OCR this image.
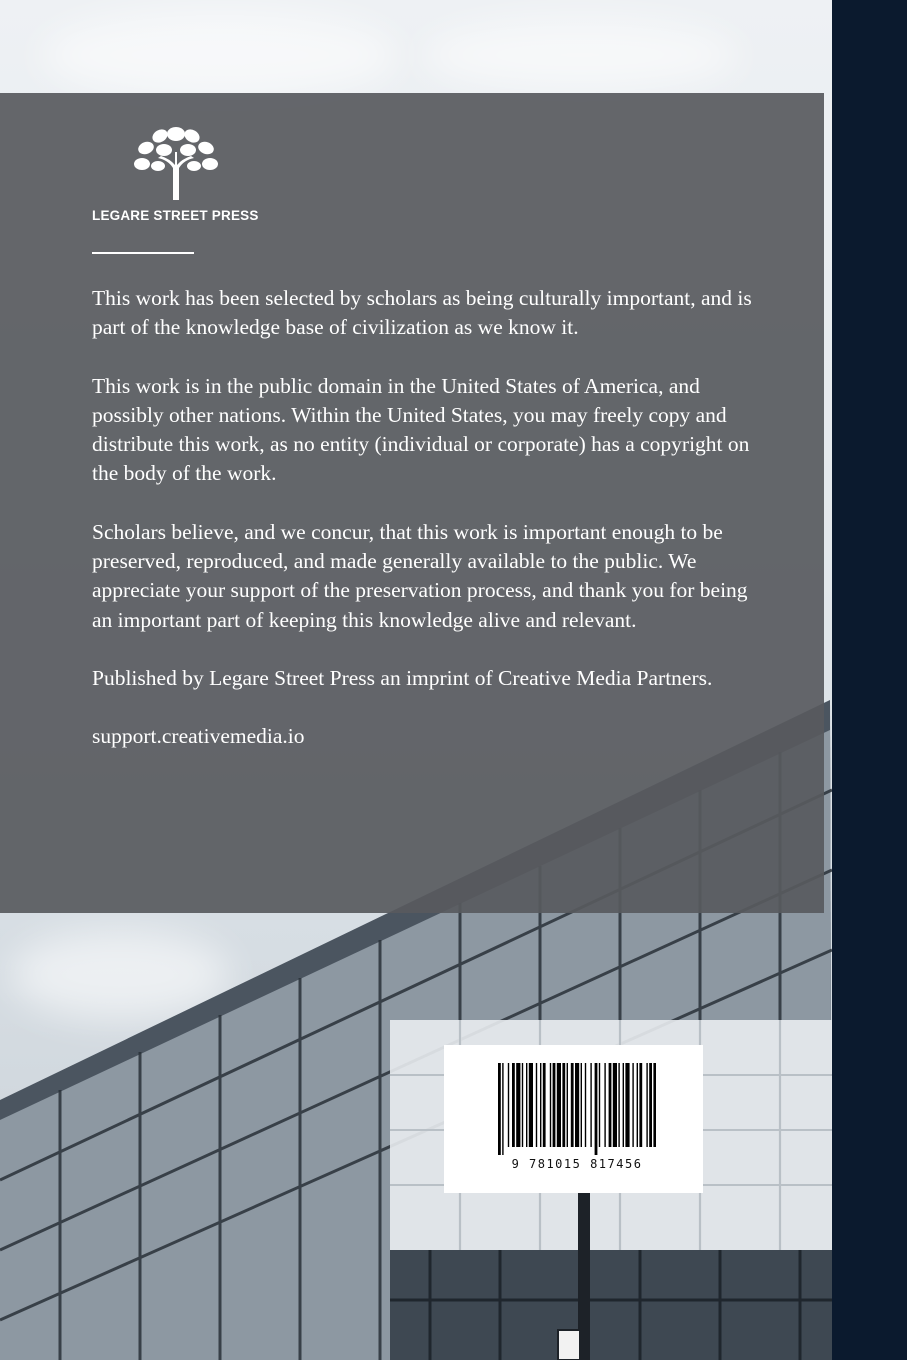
LEGARE STREET PRESS

This work has been selected by scholars as being culturally important, and is part of the knowledge base of civilization as we know it.

This work is in the public domain in the United States of America, and possibly other nations. Within the United States, you may freely copy and distribute this work, as no entity (individual or corporate) has a copyright on the body of the work.

Scholars believe, and we concur, that this work is important enough to be preserved, reproduced, and made generally available to the public. We appreciate your support of the preservation process, and thank you for being an important part of keeping this knowledge alive and relevant.

Published by Legare Street Press an imprint of Creative Media Partners.

support.creativemedia.io

9 781015 817456
